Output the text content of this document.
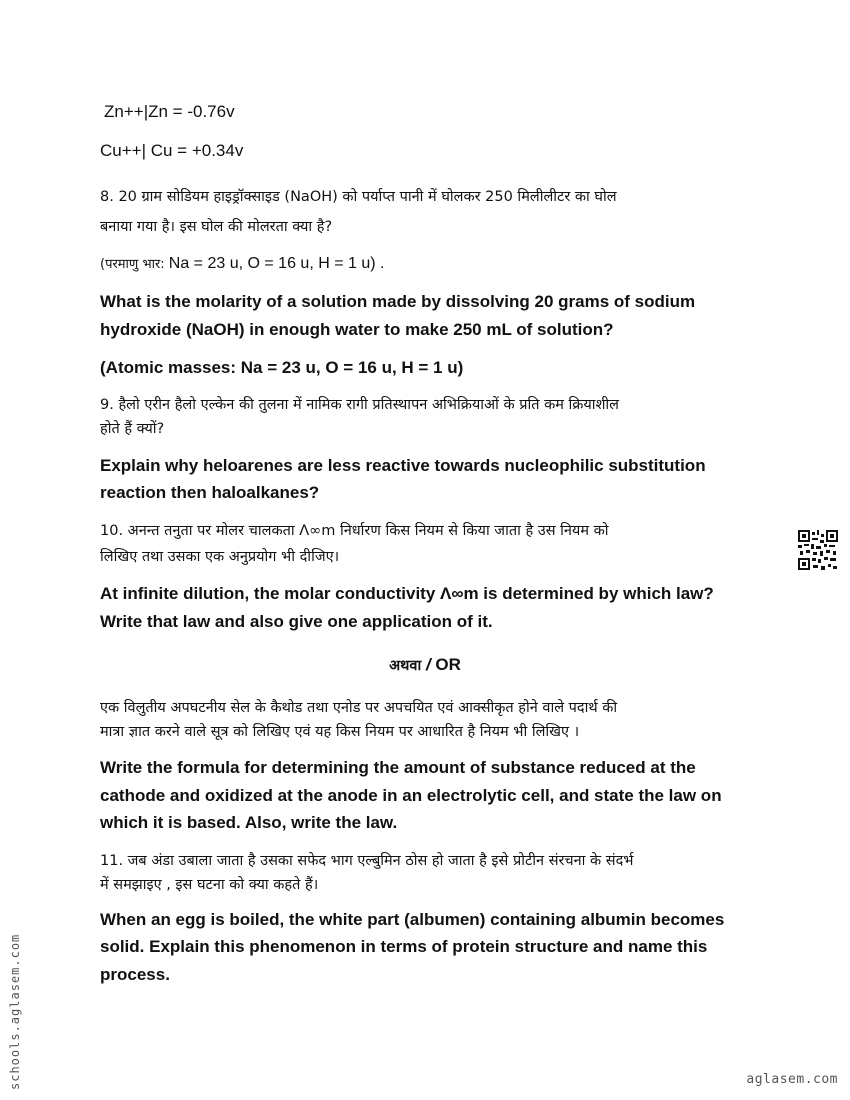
Zn++|Zn = -0.76v
Cu++| Cu = +0.34v
8. 20 ग्राम सोडियम हाइड्रॉक्साइड (NaOH) को पर्याप्त पानी में घोलकर 250 मिलीलीटर का घोल
बनाया गया है। इस घोल की मोलरता क्या है?
(परमाणु भार: Na = 23 u, O = 16 u, H = 1 u) .
What is the molarity of a solution made by dissolving 20 grams of sodium
hydroxide (NaOH) in enough water to make 250 mL of solution?
(Atomic masses: Na = 23 u, O = 16 u, H = 1 u)
9. हैलो एरीन हैलो एल्केन की तुलना में नामिक रागी प्रतिस्थापन अभिक्रियाओं के प्रति कम क्रियाशील
होते हैं क्यों?
Explain why heloarenes are less reactive towards nucleophilic substitution
reaction then haloalkanes?
10. अनन्त तनुता पर मोलर चालकता Λ∞m निर्धारण किस नियम से किया जाता है उस नियम को
लिखिए तथा उसका एक अनुप्रयोग भी दीजिए।
At infinite dilution, the molar conductivity Λ∞m is determined by which law?
Write that law and also give one application of it.
अथवा / OR
एक विलुतीय अपघटनीय सेल के कैथोड तथा एनोड पर अपचयित एवं आक्सीकृत होने वाले पदार्थ की
मात्रा ज्ञात करने वाले सूत्र को लिखिए एवं यह किस नियम पर आधारित है नियम भी लिखिए ।
Write the formula for determining the amount of substance reduced at the
cathode and oxidized at the anode in an electrolytic cell, and state the law on
which it is based. Also, write the law.
11. जब अंडा उबाला जाता है उसका सफेद भाग एल्बुमिन ठोस हो जाता है इसे प्रोटीन संरचना के संदर्भ
में समझाइए , इस घटना को क्या कहते हैं।
When an egg is boiled, the white part (albumen) containing albumin becomes
solid. Explain this phenomenon in terms of protein structure and name this
process.
schools.aglasem.com	aglasem.com
